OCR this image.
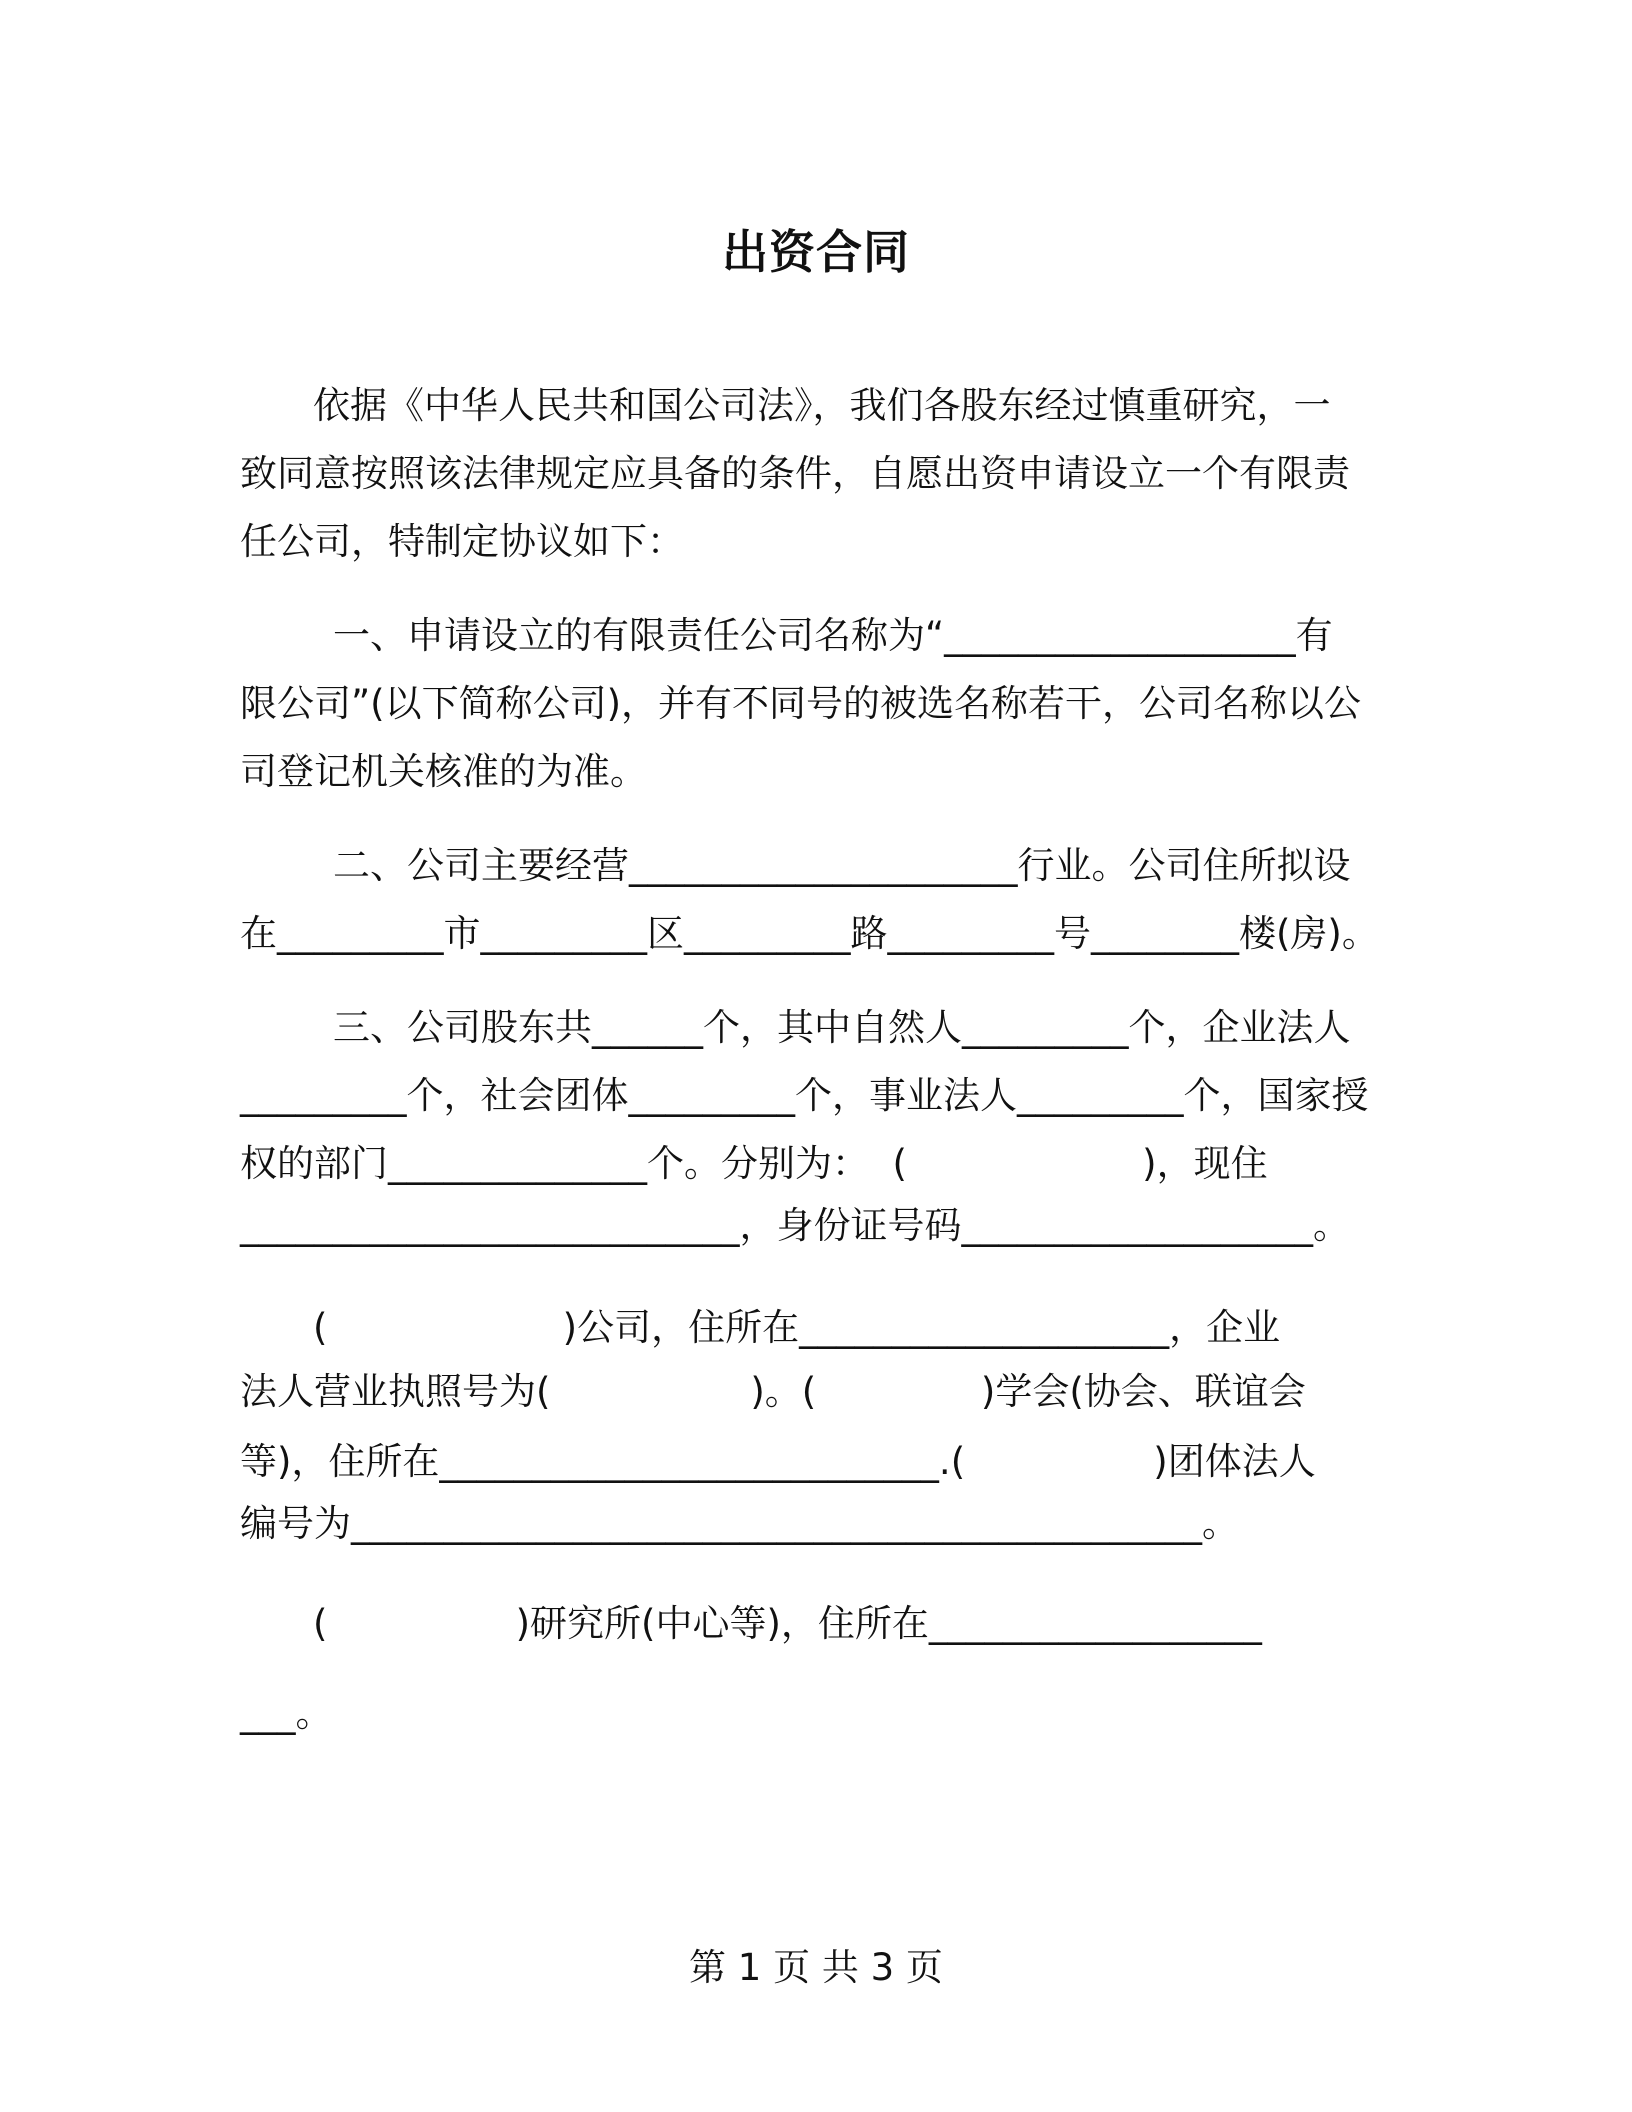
出资合同
依据《中华人民共和国公司法》，我们各股东经过慎重研究，一
致同意按照该法律规定应具备的条件，自愿出资申请设立一个有限责
任公司，特制定协议如下：
一、申请设立的有限责任公司名称为“___________________有
限公司”(以下简称公司)，并有不同号的被选名称若干，公司名称以公
司登记机关核准的为准。
二、公司主要经营_____________________行业。公司住所拟设
在_________市_________区_________路_________号________楼(房)。
三、公司股东共______个，其中自然人_________个，企业法人
_________个，社会团体_________个，事业法人_________个，国家授
权的部门______________个。分别为：  (                    )，现住
___________________________，身份证号码___________________。
(                    )公司，住所在____________________，企业
法人营业执照号为(                 )。(              )学会(协会、联谊会
等)，住所在___________________________.(                )团体法人
编号为______________________________________________。
(                )研究所(中心等)，住所在__________________
___。
第 1 页 共 3 页
